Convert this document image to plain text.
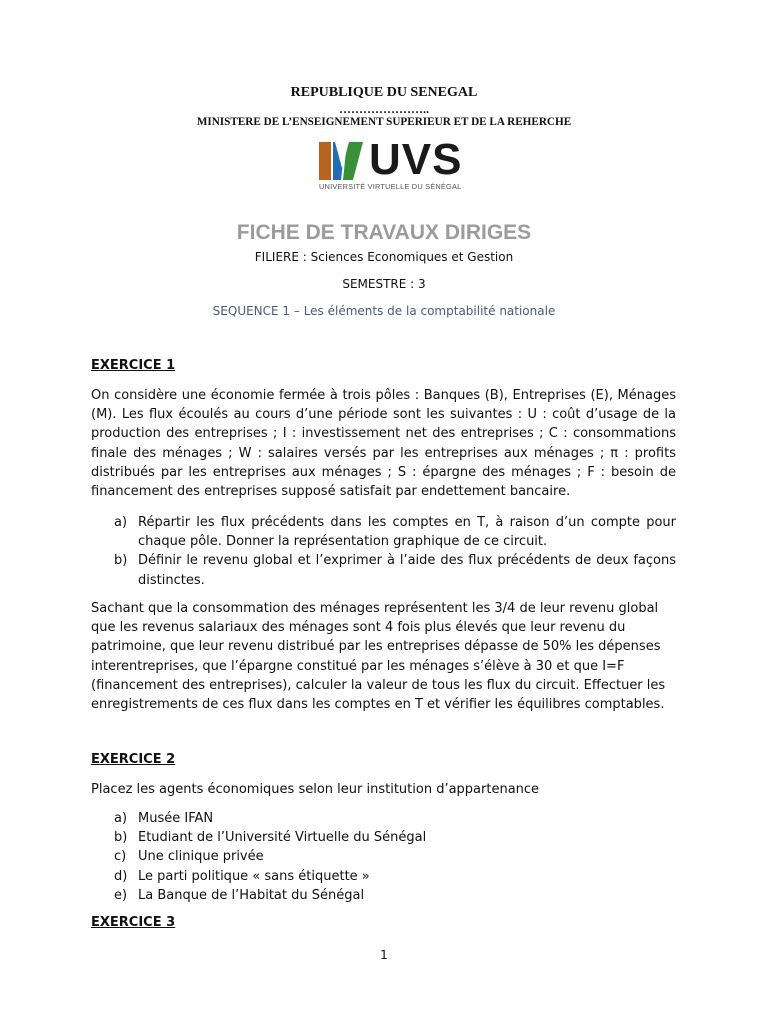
REPUBLIQUE DU SENEGAL
…………………..
MINISTERE DE L’ENSEIGNEMENT SUPERIEUR ET DE LA REHERCHE
UVS
UNIVERSITÉ VIRTUELLE DU SÉNÉGAL
FICHE DE TRAVAUX DIRIGES
FILIERE : Sciences Economiques et Gestion
SEMESTRE : 3
SEQUENCE 1 – Les éléments de la comptabilité nationale
EXERCICE 1
On considère une économie fermée à trois pôles : Banques (B), Entreprises (E), Ménages (M). Les flux écoulés au cours d’une période sont les suivantes : U : coût d’usage de la production des entreprises ; I : investissement net des entreprises ; C : consommations finale des ménages ; W : salaires versés par les entreprises aux ménages ; π : profits distribués par les entreprises aux ménages ; S : épargne des ménages ; F : besoin de financement des entreprises supposé satisfait par endettement bancaire.
a) Répartir les flux précédents dans les comptes en T, à raison d’un compte pour chaque pôle. Donner la représentation graphique de ce circuit.
b) Définir le revenu global et l’exprimer à l’aide des flux précédents de deux façons distinctes.
Sachant que la consommation des ménages représentent les 3/4 de leur revenu global que les revenus salariaux des ménages sont 4 fois plus élevés que leur revenu du patrimoine, que leur revenu distribué par les entreprises dépasse de 50% les dépenses interentreprises, que l’épargne constitué par les ménages s’élève à 30 et que I=F (financement des entreprises), calculer la valeur de tous les flux du circuit. Effectuer les enregistrements de ces flux dans les comptes en T et vérifier les équilibres comptables.
EXERCICE 2
Placez les agents économiques selon leur institution d’appartenance
a) Musée IFAN
b) Etudiant de l’Université Virtuelle du Sénégal
c) Une clinique privée
d) Le parti politique « sans étiquette »
e) La Banque de l’Habitat du Sénégal
EXERCICE 3
1
